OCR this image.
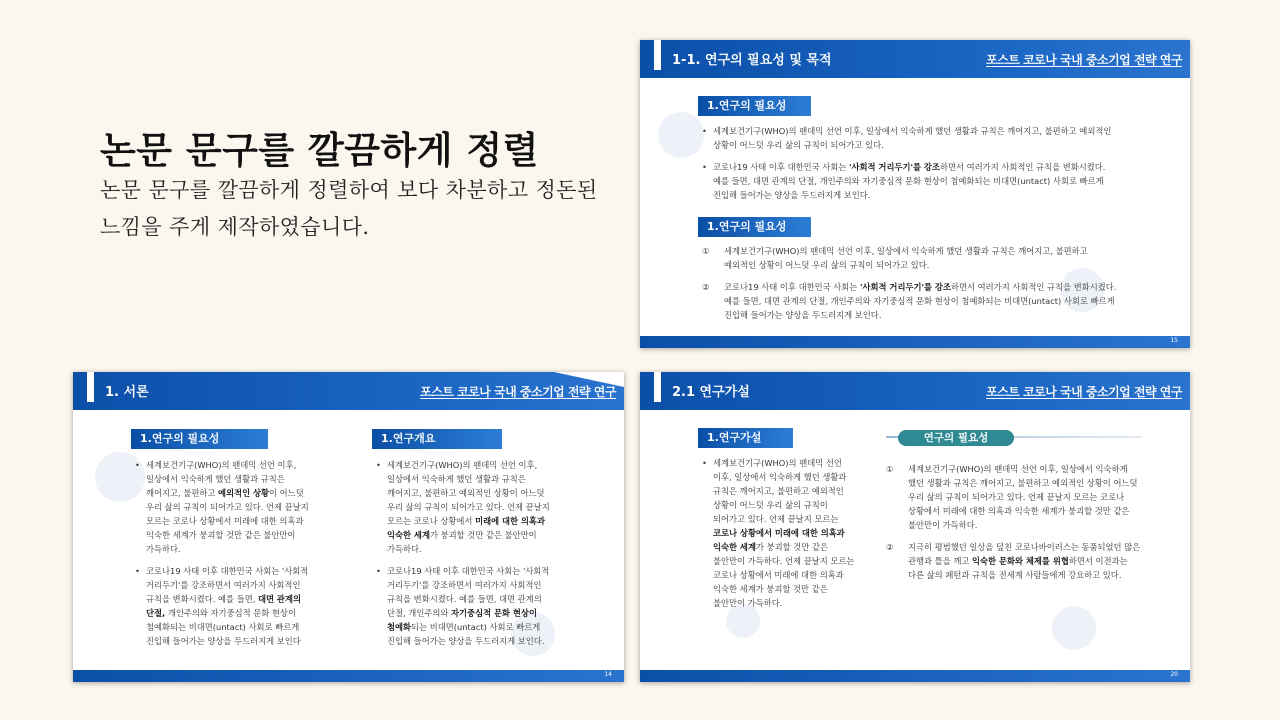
논문 문구를 깔끔하게 정렬
논문 문구를 깔끔하게 정렬하여 보다 차분하고 정돈된 느낌을 주게 제작하였습니다.
1-1. 연구의 필요성 및 목적	포스트 코로나 국내 중소기업 전략 연구
1.연구의 필요성
• 세계보건기구(WHO)의 팬데믹 선언 이후, 일상에서 익숙하게 했던 생활과 규칙은 깨어지고, 불편하고 예외적인 상황이 어느덧 우리 삶의 규칙이 되어가고 있다.
• 코로나19 사태 이후 대한민국 사회는 '사회적 거리두기'를 강조하면서 여러가지 사회적인 규칙을 변화시켰다. 예를 들면, 대면 관계의 단절, 개인주의와 자기중심적 문화 현상이 첨예화되는 비대면(untact) 사회로 빠르게 진입해 들어가는 양상을 두드러지게 보인다.
1.연구의 필요성
① 세계보건기구(WHO)의 팬데믹 선언 이후, 일상에서 익숙하게 했던 생활과 규칙은 깨어지고, 불편하고 예외적인 상황이 어느덧 우리 삶의 규칙이 되어가고 있다.
② 코로나19 사태 이후 대한민국 사회는 '사회적 거리두기'를 강조하면서 여러가지 사회적인 규칙을 변화시켰다. 예를 들면, 대면 관계의 단절, 개인주의와 자기중심적 문화 현상이 첨예화되는 비대면(untact) 사회로 빠르게 진입해 들어가는 양상을 두드러지게 보인다.
15
1. 서론	포스트 코로나 국내 중소기업 전략 연구
1.연구의 필요성
• 세계보건기구(WHO)의 팬데믹 선언 이후, 일상에서 익숙하게 했던 생활과 규칙은 깨어지고, 불편하고 예외적인 상황이 어느덧 우리 삶의 규칙이 되어가고 있다. 언제 끝날지 모르는 코로나 상황에서 미래에 대한 의혹과 익숙한 세계가 붕괴할 것만 같은 불안만이 가득하다.
• 코로나19 사태 이후 대한민국 사회는 '사회적 거리두기'를 강조하면서 여러가지 사회적인 규칙을 변화시켰다. 예를 들면, 대면 관계의 단절, 개인주의와 자기중심적 문화 현상이 첨예화되는 비대면(untact) 사회로 빠르게 진입해 들어가는 양상을 두드러지게 보인다
1.연구개요
• 세계보건기구(WHO)의 팬데믹 선언 이후, 일상에서 익숙하게 했던 생활과 규칙은 깨어지고, 불편하고 예외적인 상황이 어느덧 우리 삶의 규칙이 되어가고 있다. 언제 끝날지 모르는 코로나 상황에서 미래에 대한 의혹과 익숙한 세계가 붕괴할 것만 같은 불안만이 가득하다.
• 코로나19 사태 이후 대한민국 사회는 '사회적 거리두기'를 강조하면서 여러가지 사회적인 규칙을 변화시켰다. 예를 들면, 대면 관계의 단절, 개인주의와 자기중심적 문화 현상이 첨예화되는 비대면(untact) 사회로 빠르게 진입해 들어가는 양상을 두드러지게 보인다.
14
2.1 연구가설	포스트 코로나 국내 중소기업 전략 연구
1.연구가설
• 세계보건기구(WHO)의 팬데믹 선언 이후, 일상에서 익숙하게 했던 생활과 규칙은 깨어지고, 불편하고 예외적인 상황이 어느덧 우리 삶의 규칙이 되어가고 있다. 언제 끝날지 모르는 코로나 상황에서 미래에 대한 의혹과 익숙한 세계가 붕괴할 것만 같은 불안만이 가득하다. 언제 끝날지 모르는 코로나 상황에서 미래에 대한 의혹과 익숙한 세계가 붕괴할 것만 같은 불안만이 가득하다.
연구의 필요성
① 세계보건기구(WHO)의 팬데믹 선언 이후, 일상에서 익숙하게 했던 생활과 규칙은 깨어지고, 불편하고 예외적인 상황이 어느덧 우리 삶의 규칙이 되어가고 있다. 언제 끝날지 모르는 코로나 상황에서 미래에 대한 의혹과 익숙한 세계가 붕괴할 것만 같은 불안만이 가득하다.
② 지극히 평범했던 일상을 덮친 코로나바이러스는 동품되었던 많은 관행과 틀을 깨고 익숙한 문화와 체제를 위협하면서 이전과는 다른 삶의 패턴과 규칙을 전세계 사람들에게 강요하고 있다.
20
